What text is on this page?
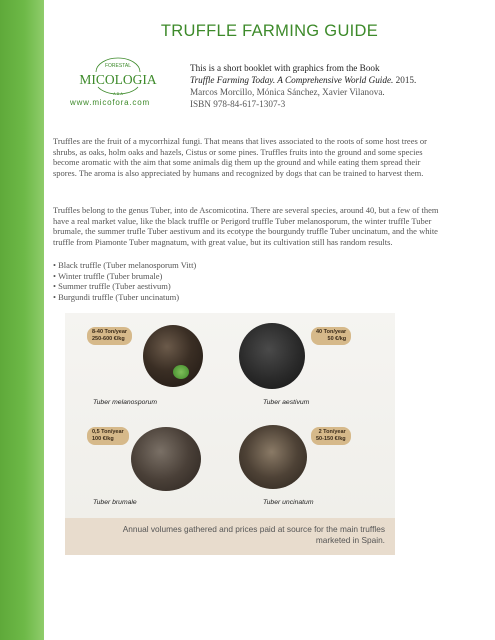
TRUFFLE FARMING GUIDE
FORESTAL
MICOLOGIA
A B A
www.micofora.com
This is a short booklet with graphics from the Book
Truffle Farming Today. A Comprehensive World Guide. 2015.
Marcos Morcillo, Mónica Sánchez, Xavier Vilanova.
ISBN 978-84-617-1307-3
Truffles are the fruit of a mycorrhizal fungi. That means that lives associated to the roots of some host trees or shrubs, as oaks, holm oaks and hazels, Cistus or some pines. Truffles fruits into the ground and some species become aromatic with the aim that some animals dig them up the ground and while eating them spread their spores. The aroma is also appreciated by humans and recognized by dogs that can be trained to harvest them.
Truffles belong to the genus Tuber, into de Ascomicotina. There are several species, around 40, but a few of them have a real market value, like the black truffle or Perigord truffle Tuber melanosporum, the winter truffle Tuber brumale, the summer trufle Tuber aestivum and its ecotype the bourgundy truffle Tuber uncinatum, and the white truffle from Piamonte Tuber magnatum, with great value, but its cultivation still has random results.
• Black truffle (Tuber melanosporum Vitt)
• Winter truffle (Tuber brumale)
• Summer truffle (Tuber aestivum)
• Burgundi truffle (Tuber uncinatum)
8-40 Ton/year
250-600 €/kg
Tuber melanosporum
40 Ton/year
50 €/kg
Tuber aestivum
0,5 Ton/year
100 €/kg
Tuber brumale
2 Ton/year
50-150 €/kg
Tuber uncinatum
Annual volumes gathered and prices paid at source for the main truffles
marketed in Spain.
